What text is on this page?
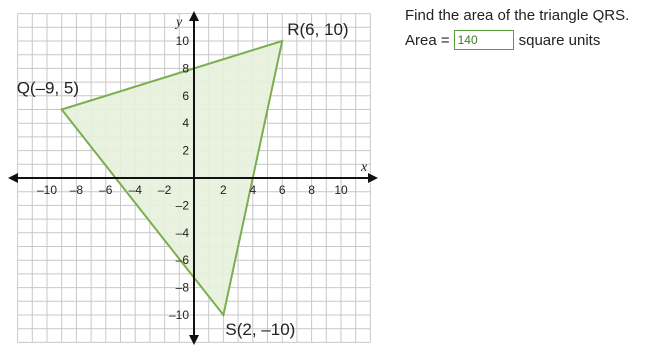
–10 –8 –6 –4 –2	2 4 6 8 10
10
8
6
4
2
–2
–4
–6
–8
–10
x
y
Q(–9, 5)
R(6, 10)
S(2, –10)
Find the area of the triangle QRS.
Area =
140	square units
